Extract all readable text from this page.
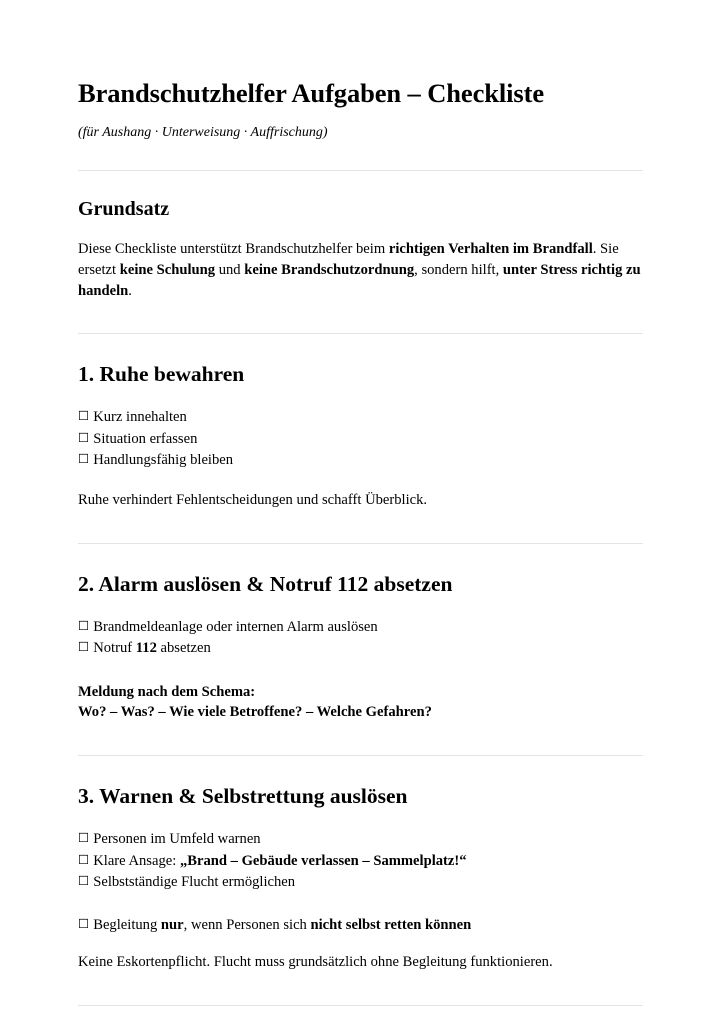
Brandschutzhelfer Aufgaben – Checkliste

(für Aushang · Unterweisung · Auffrischung)

Grundsatz

Diese Checkliste unterstützt Brandschutzhelfer beim richtigen Verhalten im Brandfall. Sie ersetzt keine Schulung und keine Brandschutzordnung, sondern hilft, unter Stress richtig zu handeln.

1. Ruhe bewahren
☐ Kurz innehalten
☐ Situation erfassen
☐ Handlungsfähig bleiben

Ruhe verhindert Fehlentscheidungen und schafft Überblick.

2. Alarm auslösen & Notruf 112 absetzen
☐ Brandmeldeanlage oder internen Alarm auslösen
☐ Notruf 112 absetzen
Meldung nach dem Schema:
Wo? – Was? – Wie viele Betroffene? – Welche Gefahren?
3. Warnen & Selbstrettung auslösen
☐ Personen im Umfeld warnen
☐ Klare Ansage: „Brand – Gebäude verlassen – Sammelplatz!“
☐ Selbstständige Flucht ermöglichen
☐ Begleitung nur, wenn Personen sich nicht selbst retten können

Keine Eskortenpflicht. Flucht muss grundsätzlich ohne Begleitung funktionieren.
